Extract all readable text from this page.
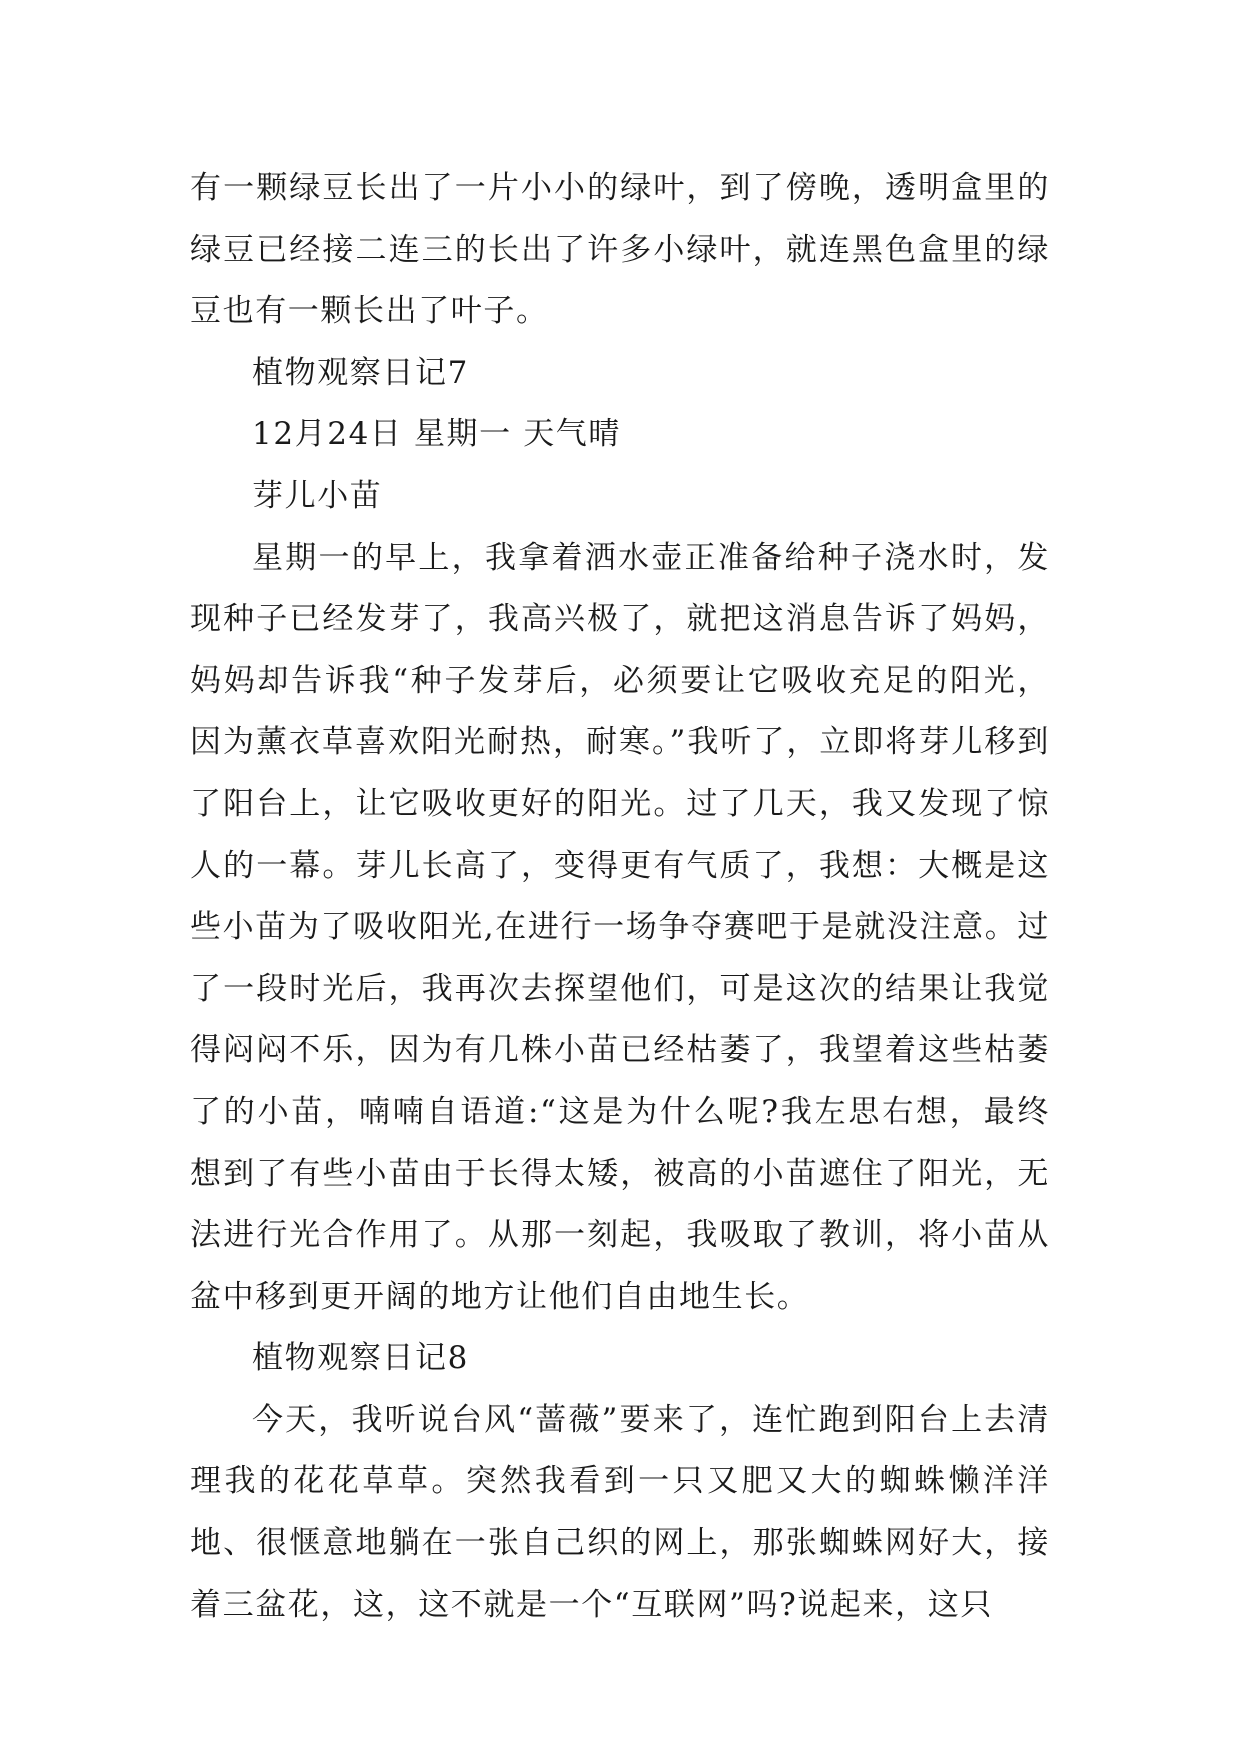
有一颗绿豆长出了一片小小的绿叶，到了傍晚，透明盒里的绿豆已经接二连三的长出了许多小绿叶，就连黑色盒里的绿豆也有一颗长出了叶子。

植物观察日记7

12月24日 星期一 天气晴

芽儿小苗

星期一的早上，我拿着洒水壶正准备给种子浇水时，发现种子已经发芽了，我高兴极了，就把这消息告诉了妈妈，妈妈却告诉我“种子发芽后，必须要让它吸收充足的阳光，因为薰衣草喜欢阳光耐热，耐寒。”我听了，立即将芽儿移到了阳台上，让它吸收更好的阳光。过了几天，我又发现了惊人的一幕。芽儿长高了，变得更有气质了，我想：大概是这些小苗为了吸收阳光,在进行一场争夺赛吧于是就没注意。过了一段时光后，我再次去探望他们，可是这次的结果让我觉得闷闷不乐，因为有几株小苗已经枯萎了，我望着这些枯萎了的小苗，喃喃自语道:“这是为什么呢?我左思右想，最终想到了有些小苗由于长得太矮，被高的小苗遮住了阳光，无法进行光合作用了。从那一刻起，我吸取了教训，将小苗从盆中移到更开阔的地方让他们自由地生长。

植物观察日记8

今天，我听说台风“蔷薇”要来了，连忙跑到阳台上去清理我的花花草草。突然我看到一只又肥又大的蜘蛛懒洋洋地、很惬意地躺在一张自己织的网上，那张蜘蛛网好大，接着三盆花，这，这不就是一个“互联网”吗?说起来，这只
